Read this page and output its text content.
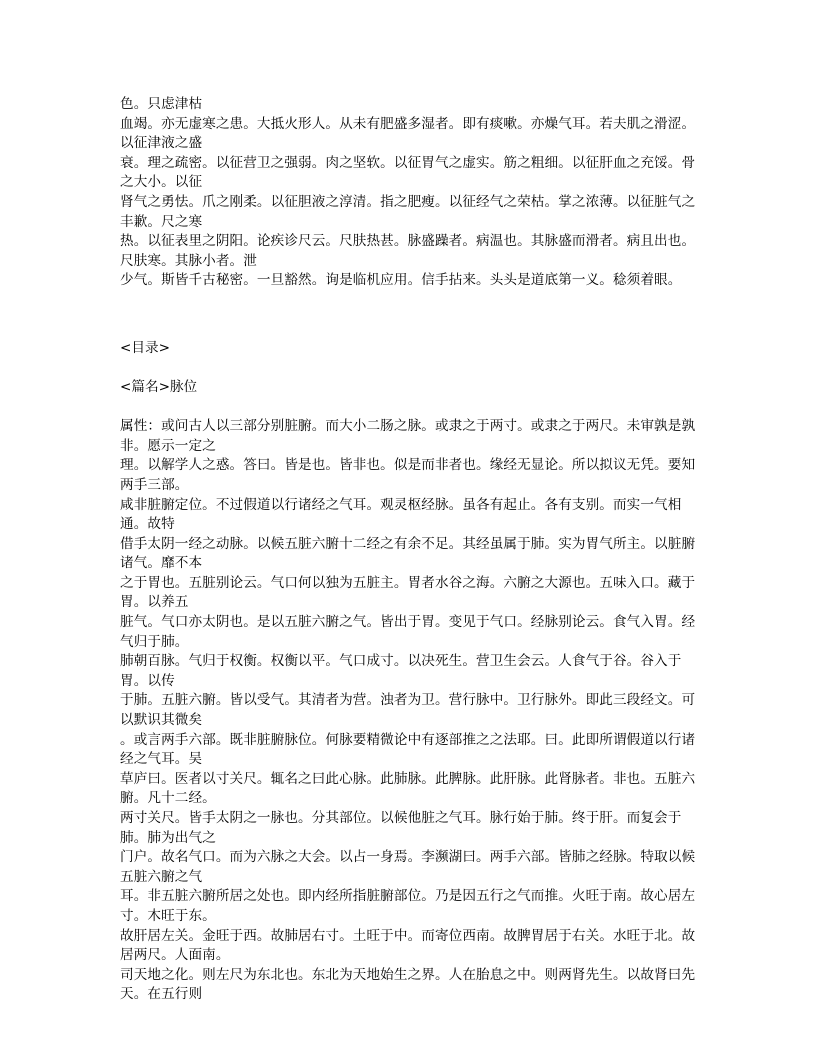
色。只虑津枯

血竭。亦无虚寒之患。大抵火形人。从未有肥盛多湿者。即有痰嗽。亦燥气耳。若夫肌之滑涩。以征津液之盛

衰。理之疏密。以征营卫之强弱。肉之坚软。以征胃气之虚实。筋之粗细。以征肝血之充馁。骨之大小。以征

肾气之勇怯。爪之刚柔。以征胆液之淳清。指之肥瘦。以征经气之荣枯。掌之浓薄。以征脏气之丰歉。尺之寒

热。以征表里之阴阳。论疾诊尺云。尺肤热甚。脉盛躁者。病温也。其脉盛而滑者。病且出也。尺肤寒。其脉小者。泄

少气。斯皆千古秘密。一旦豁然。询是临机应用。信手拈来。头头是道底第一义。稔须着眼。

<目录>

<篇名>脉位

属性：或问古人以三部分别脏腑。而大小二肠之脉。或隶之于两寸。或隶之于两尺。未审孰是孰非。愿示一定之

理。以解学人之惑。答曰。皆是也。皆非也。似是而非者也。缘经无显论。所以拟议无凭。要知两手三部。

咸非脏腑定位。不过假道以行诸经之气耳。观灵枢经脉。虽各有起止。各有支别。而实一气相通。故特

借手太阴一经之动脉。以候五脏六腑十二经之有余不足。其经虽属于肺。实为胃气所主。以脏腑诸气。靡不本

之于胃也。五脏别论云。气口何以独为五脏主。胃者水谷之海。六腑之大源也。五味入口。藏于胃。以养五

脏气。气口亦太阴也。是以五脏六腑之气。皆出于胃。变见于气口。经脉别论云。食气入胃。经气归于肺。

肺朝百脉。气归于权衡。权衡以平。气口成寸。以决死生。营卫生会云。人食气于谷。谷入于胃。以传

于肺。五脏六腑。皆以受气。其清者为营。浊者为卫。营行脉中。卫行脉外。即此三段经文。可以默识其微矣

。或言两手六部。既非脏腑脉位。何脉要精微论中有逐部推之之法耶。曰。此即所谓假道以行诸经之气耳。吴

草庐曰。医者以寸关尺。辄名之曰此心脉。此肺脉。此脾脉。此肝脉。此肾脉者。非也。五脏六腑。凡十二经。

两寸关尺。皆手太阴之一脉也。分其部位。以候他脏之气耳。脉行始于肺。终于肝。而复会于肺。肺为出气之

门户。故名气口。而为六脉之大会。以占一身焉。李濒湖曰。两手六部。皆肺之经脉。特取以候五脏六腑之气

耳。非五脏六腑所居之处也。即内经所指脏腑部位。乃是因五行之气而推。火旺于南。故心居左寸。木旺于东。

故肝居左关。金旺于西。故肺居右寸。土旺于中。而寄位西南。故脾胃居于右关。水旺于北。故居两尺。人面南。

司天地之化。则左尺为东北也。东北为天地始生之界。人在胎息之中。则两肾先生。以故肾曰先天。在五行则
